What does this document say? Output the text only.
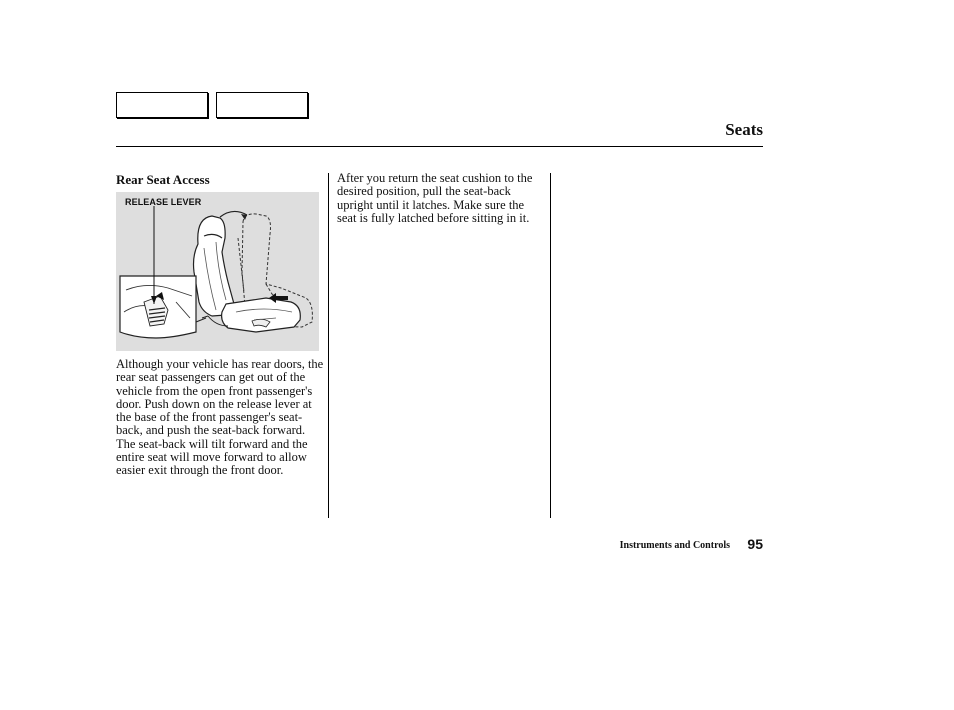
Seats
Rear Seat Access
RELEASE LEVER

Although your vehicle has rear doors, the rear seat passengers can get out of the vehicle from the open front passenger's door. Push down on the release lever at the base of the front passenger's seat-back, and push the seat-back forward. The seat-back will tilt forward and the entire seat will move forward to allow easier exit through the front door.

After you return the seat cushion to the desired position, pull the seat-back upright until it latches. Make sure the seat is fully latched before sitting in it.

Instruments and Controls 95
